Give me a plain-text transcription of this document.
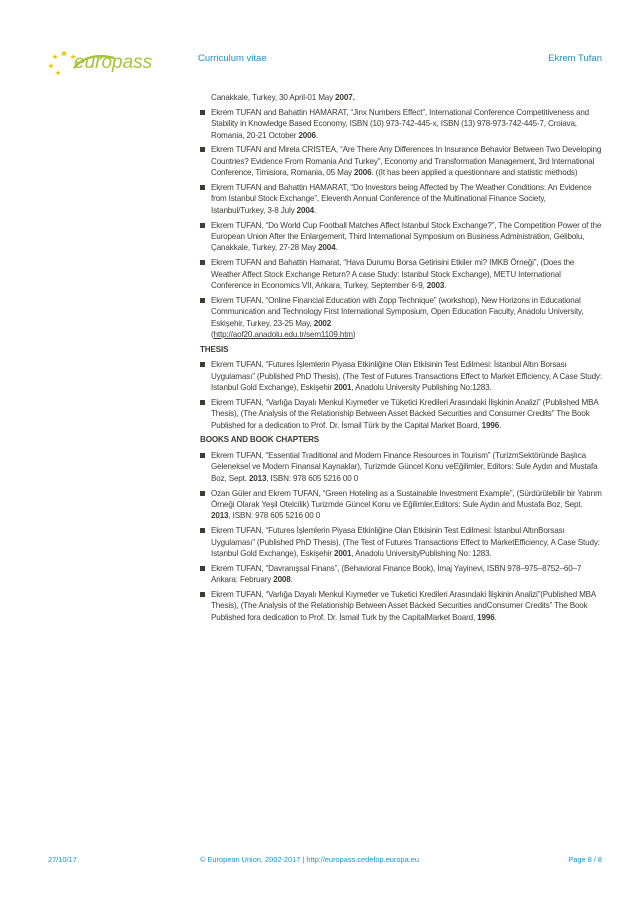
europass	Curriculum vitae	Ekrem Tufan
Canakkale, Turkey, 30 April-01 May 2007.
Ekrem TUFAN and Bahattin HAMARAT, “Jinx Numbers Effect”, International Conference Competitiveness and Stability in Knowledge Based Economy, ISBN (10) 973-742-445-x, ISBN (13) 978-973-742-445-7, Croiava, Romania, 20-21 October 2006.
Ekrem TUFAN and Mirela CRISTEA, “Are There Any Differences In Insurance Behavior Between Two Developing Countries? Evidence From Romania And Turkey”, Economy and Transformation Management, 3rd International Conference, Timisiora, Romania, 05 May 2006. ((It has been applied a questionnare and statistic methods)
Ekrem TUFAN and Bahattin HAMARAT, “Do Investors being Affected by The Weather Conditions: An Evidence from Istanbul Stock Exchange”, Eleventh Annual Conference of the Multinational Finance Society, Istanbul/Turkey, 3-8 July 2004.
Ekrem TUFAN, “Do World Cup Football Matches Affect Istanbul Stock Exchange?”, The Competition Power of the European Union After the Enlargement, Third International Symposium on Business Administration, Gelibolu, Çanakkale, Turkey, 27-28 May 2004.
Ekrem TUFAN and Bahattin Hamarat, “Hava Durumu Borsa Getirisini Etkiler mi? IMKB Örneği”, (Does the Weather Affect Stock Exchange Return? A case Study: Istanbul Stock Exchange), METU International Conference in Economics VII, Ankara, Turkey, September 6-9, 2003.
Ekrem TUFAN, “Online Financial Education with Zopp Technique” (workshop), New Horizons in Educational Communication and Technology First International Symposium, Open Education Faculty, Anadolu University, Eskişehir, Turkey, 23-25 May, 2002
(http://aof20.anadolu.edu.tr/sem1109.htm)
THESIS
Ekrem TUFAN, “Futures İşlemlerin Piyasa Etkinliğine Olan Etkisinin Test Edilmesi: İstanbul Altın Borsası Uygulaması” (Published PhD Thesis), (The Test of Futures Transactions Effect to Market Efficiency, A Case Study: Istanbul Gold Exchange), Eskişehir 2001, Anadolu University Publishing No:1283.
Ekrem TUFAN, “Varlığa Dayalı Menkul Kıymetler ve Tüketici Kredileri Arasındaki İlişkinin Analizi” (Published MBA Thesis), (The Analysis of the Relationship Between Asset Backed Securities and Consumer Credits” The Book Published for a dedication to Prof. Dr. İsmail Türk by the Capital Market Board, 1996.
BOOKS AND BOOK CHAPTERS
Ekrem TUFAN, “Essential Traditional and Modern Finance Resources in Tourism” (TurizmSektöründe Başlıca Geleneksel ve Modern Finansal Kaynaklar), Turizmde Güncel Konu veEğilimler, Editors: Sule Aydın and Mustafa Boz, Sept. 2013, ISBN: 978 605 5216 00 0
Ozan Güler and Ekrem TUFAN, “Green Hoteling as a Sustainable Investment Example”, (Sürdürülebilir bir Yatırım Örneği Olarak Yeşil Otelcilik) Turizmde Güncel Konu ve Eğilimler,Editors: Sule Aydın and Mustafa Boz, Sept. 2013, ISBN: 978 605 5216 00 0
Ekrem TUFAN, “Futures İşlemlerin Piyasa Etkinliğine Olan Etkisinin Test Edilmesi: İstanbul AltınBorsası Uygulaması” (Published PhD Thesis), (The Test of Futures Transactions Effect to MarketEfficiency, A Case Study: Istanbul Gold Exchange), Eskişehir 2001, Anadolu UniversityPublishing No: 1283.
Ekrem TUFAN, “Davranışsal Finans”, (Behavioral Finance Book), İmaj Yayinevi, ISBN 978–975–8752–60–7 Ankara: February 2008.
Ekrem TUFAN, “Varlığa Dayalı Menkul Kıymetler ve Tuketici Kredileri Arasındaki İlişkinin Analizi”(Published MBA Thesis), (The Analysis of the Relationship Between Asset Backed Securities andConsumer Credits” The Book Published fora dedication to Prof. Dr. İsmail Turk by the CapitalMarket Board, 1996.
27/10/17	© European Union, 2002-2017 | http://europass.cedefop.europa.eu	Page 8 / 8
